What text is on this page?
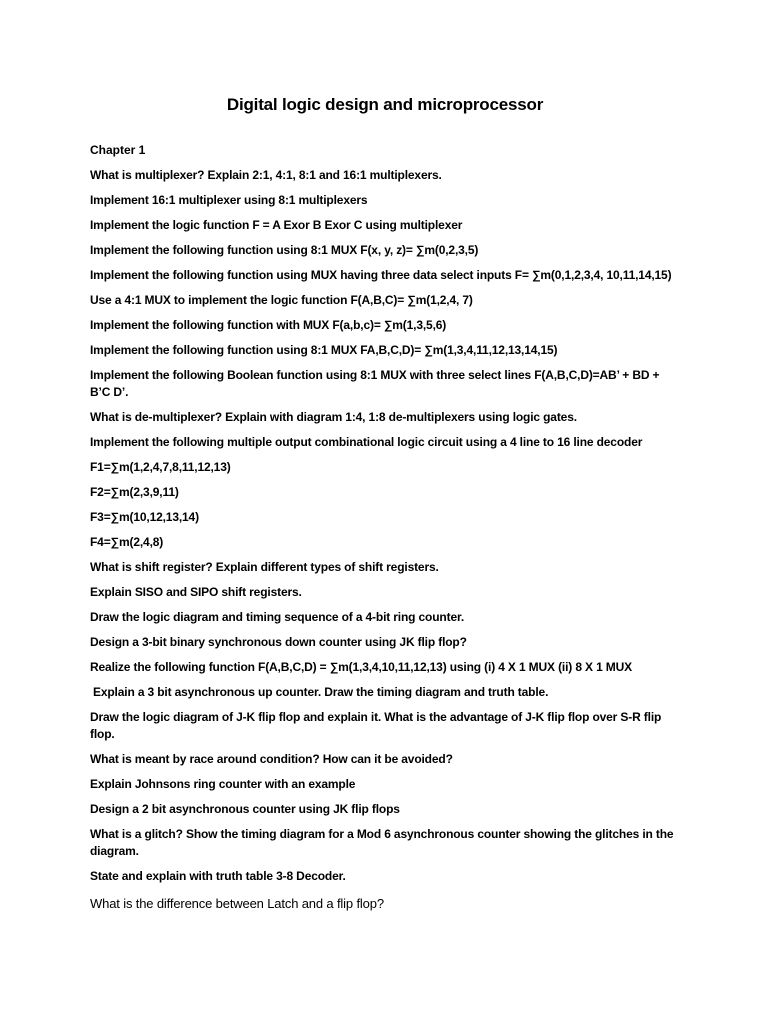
Digital logic design and microprocessor
Chapter 1
What is multiplexer? Explain 2:1, 4:1, 8:1 and 16:1 multiplexers.
Implement 16:1 multiplexer using 8:1 multiplexers
Implement the logic function F = A Exor B Exor C using multiplexer
Implement the following function using 8:1 MUX F(x, y, z)= ∑m(0,2,3,5)
Implement the following function using MUX having three data select inputs F= ∑m(0,1,2,3,4, 10,11,14,15)
Use a 4:1 MUX to implement the logic function F(A,B,C)= ∑m(1,2,4, 7)
Implement the following function with MUX F(a,b,c)= ∑m(1,3,5,6)
Implement the following function using 8:1 MUX FA,B,C,D)= ∑m(1,3,4,11,12,13,14,15)
Implement the following Boolean function using 8:1 MUX with three select lines F(A,B,C,D)=AB’ + BD + B’C D’.
What is de-multiplexer? Explain with diagram 1:4, 1:8 de-multiplexers using logic gates.
Implement the following multiple output combinational logic circuit using a 4 line to 16 line decoder
F1=∑m(1,2,4,7,8,11,12,13)
F2=∑m(2,3,9,11)
F3=∑m(10,12,13,14)
F4=∑m(2,4,8)
What is shift register? Explain different types of shift registers.
Explain SISO and SIPO shift registers.
Draw the logic diagram and timing sequence of a 4-bit ring counter.
Design a 3-bit binary synchronous down counter using JK flip flop?
Realize the following function F(A,B,C,D) = ∑m(1,3,4,10,11,12,13) using (i) 4 X 1 MUX (ii) 8 X 1 MUX
Explain a 3 bit asynchronous up counter. Draw the timing diagram and truth table.
Draw the logic diagram of J-K flip flop and explain it. What is the advantage of J-K flip flop over S-R flip flop.
What is meant by race around condition? How can it be avoided?
Explain Johnsons ring counter with an example
Design a 2 bit asynchronous counter using JK flip flops
What is a glitch? Show the timing diagram for a Mod 6 asynchronous counter showing the glitches in the diagram.
State and explain with truth table 3-8 Decoder.
What is the difference between Latch and a flip flop?
